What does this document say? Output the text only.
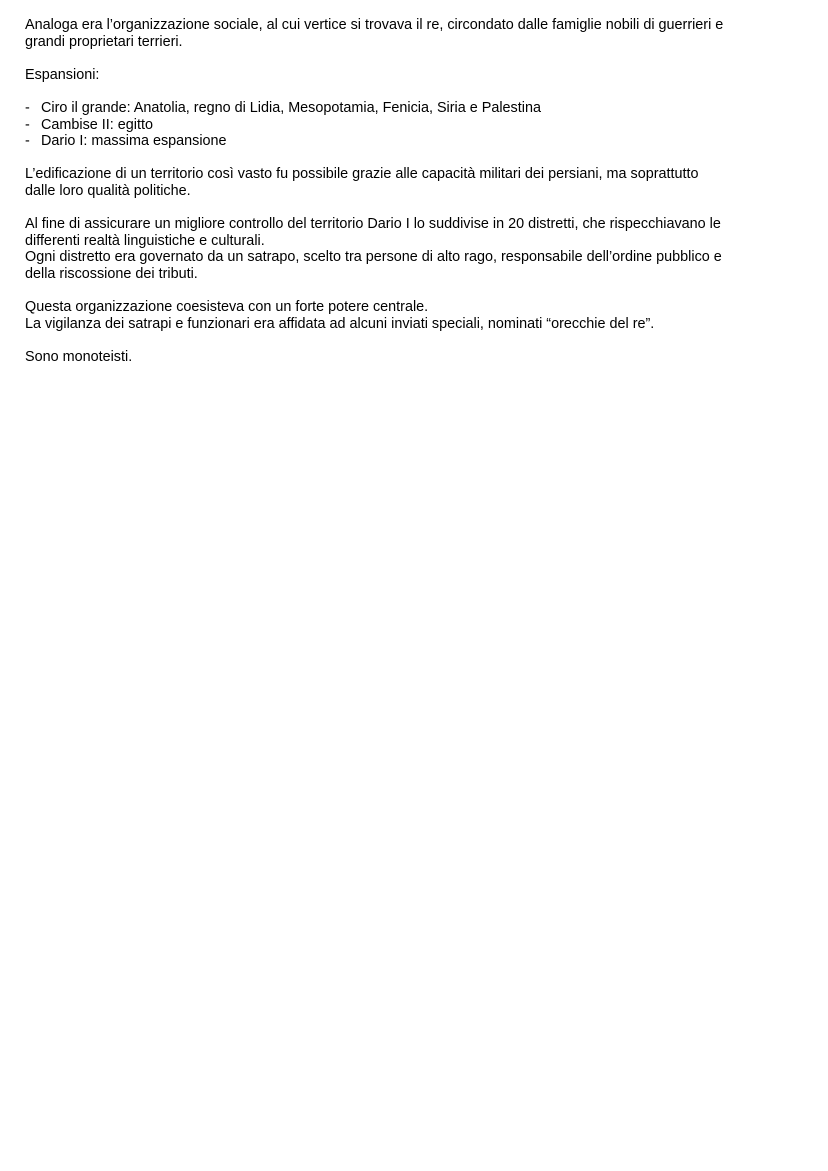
Analoga era l’organizzazione sociale, al cui vertice si trovava il re, circondato dalle famiglie nobili di guerrieri e
grandi proprietari terrieri.

Espansioni:

- Ciro il grande: Anatolia, regno di Lidia, Mesopotamia, Fenicia, Siria e Palestina
- Cambise II: egitto
- Dario I: massima espansione

L’edificazione di un territorio così vasto fu possibile grazie alle capacità militari dei persiani, ma soprattutto
dalle loro qualità politiche.

Al fine di assicurare un migliore controllo del territorio Dario I lo suddivise in 20 distretti, che rispecchiavano le
differenti realtà linguistiche e culturali.
Ogni distretto era governato da un satrapo, scelto tra persone di alto rago, responsabile dell’ordine pubblico e
della riscossione dei tributi.

Questa organizzazione coesisteva con un forte potere centrale.
La vigilanza dei satrapi e funzionari era affidata ad alcuni inviati speciali, nominati “orecchie del re”.

Sono monoteisti.
